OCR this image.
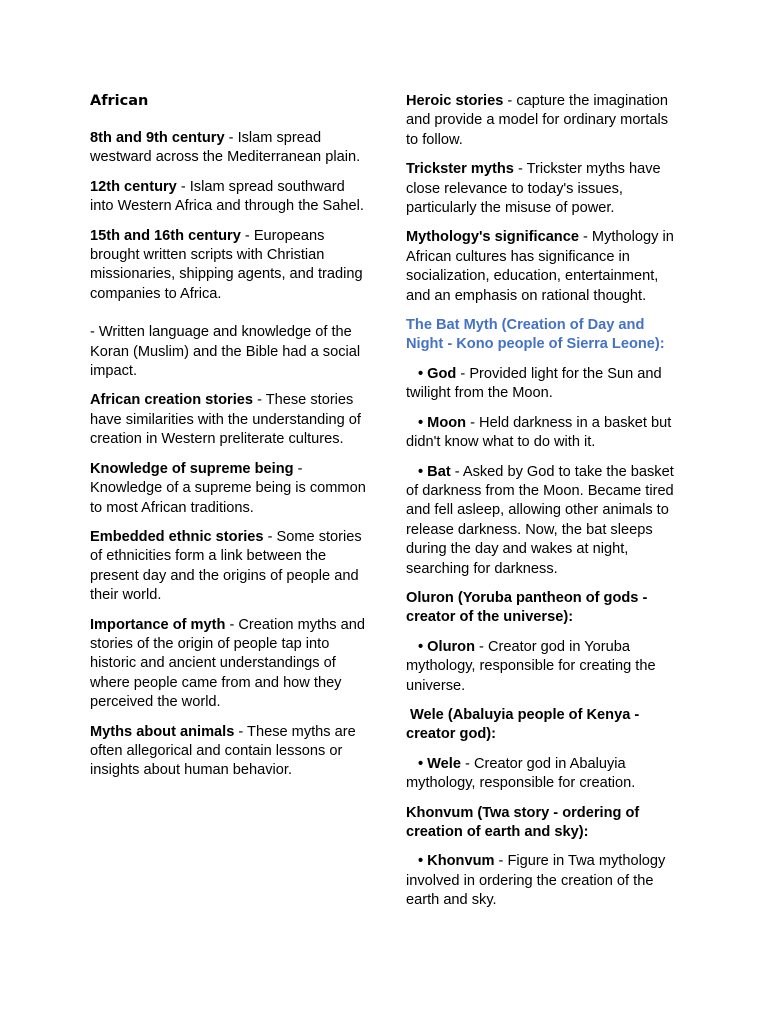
African
8th and 9th century - Islam spread westward across the Mediterranean plain.
12th century - Islam spread southward into Western Africa and through the Sahel.
15th and 16th century - Europeans brought written scripts with Christian missionaries, shipping agents, and trading companies to Africa.
- Written language and knowledge of the Koran (Muslim) and the Bible had a social impact.
African creation stories - These stories have similarities with the understanding of creation in Western preliterate cultures.
Knowledge of supreme being - Knowledge of a supreme being is common to most African traditions.
Embedded ethnic stories - Some stories of ethnicities form a link between the present day and the origins of people and their world.
Importance of myth - Creation myths and stories of the origin of people tap into historic and ancient understandings of where people came from and how they perceived the world.
Myths about animals - These myths are often allegorical and contain lessons or insights about human behavior.
Heroic stories - capture the imagination and provide a model for ordinary mortals to follow.
Trickster myths - Trickster myths have close relevance to today's issues, particularly the misuse of power.
Mythology's significance - Mythology in African cultures has significance in socialization, education, entertainment, and an emphasis on rational thought.
The Bat Myth (Creation of Day and Night - Kono people of Sierra Leone):
• God - Provided light for the Sun and twilight from the Moon.
• Moon - Held darkness in a basket but didn't know what to do with it.
• Bat - Asked by God to take the basket of darkness from the Moon. Became tired and fell asleep, allowing other animals to release darkness. Now, the bat sleeps during the day and wakes at night, searching for darkness.
Oluron (Yoruba pantheon of gods - creator of the universe):
• Oluron - Creator god in Yoruba mythology, responsible for creating the universe.
Wele (Abaluyia people of Kenya - creator god):
• Wele - Creator god in Abaluyia mythology, responsible for creation.
Khonvum (Twa story - ordering of creation of earth and sky):
• Khonvum - Figure in Twa mythology involved in ordering the creation of the earth and sky.
